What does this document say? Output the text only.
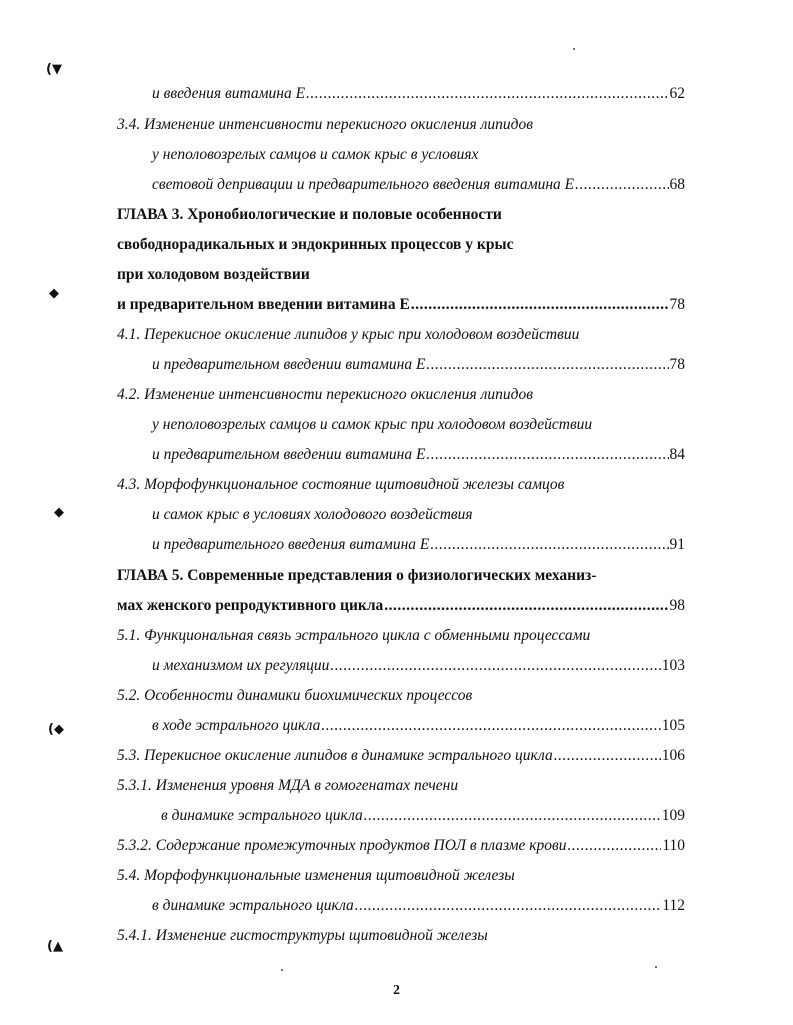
(▼
◆
◆
(◆
(▲
и введения витамина Е .....	62
3.4. Изменение интенсивности перекисного окисления липидов
у неполовозрелых самцов и самок крыс в условиях
световой депривации и предварительного введения витамина Е .....	68
ГЛАВА 3. Хронобиологические и половые особенности
свободнорадикальных и эндокринных процессов у крыс
при холодовом воздействии
и предварительном введении витамина Е .....	78
4.1. Перекисное окисление липидов у крыс при холодовом воздействии
и предварительном введении витамина Е .....	78
4.2. Изменение интенсивности перекисного окисления липидов
у неполовозрелых самцов и самок крыс при холодовом воздействии
и предварительном введении витамина Е .....	84
4.3. Морфофункциональное состояние щитовидной железы самцов
и самок крыс в условиях холодового воздействия
и предварительного введения витамина Е .....	91
ГЛАВА 5. Современные представления о физиологических механиз-
мах женского репродуктивного цикла .....	98
5.1. Функциональная связь эстрального цикла с обменными процессами
и механизмом их регуляции .....	103
5.2. Особенности динамики биохимических процессов
в ходе эстрального цикла .....	105
5.3. Перекисное окисление липидов в динамике эстрального цикла .....	106
5.3.1. Изменения уровня МДА в гомогенатах печени
в динамике эстрального цикла .....	109
5.3.2. Содержание промежуточных продуктов ПОЛ в плазме крови .....	110
5.4. Морфофункциональные изменения щитовидной железы
в динамике эстрального цикла .....	112
5.4.1. Изменение гистоструктуры щитовидной железы
2
